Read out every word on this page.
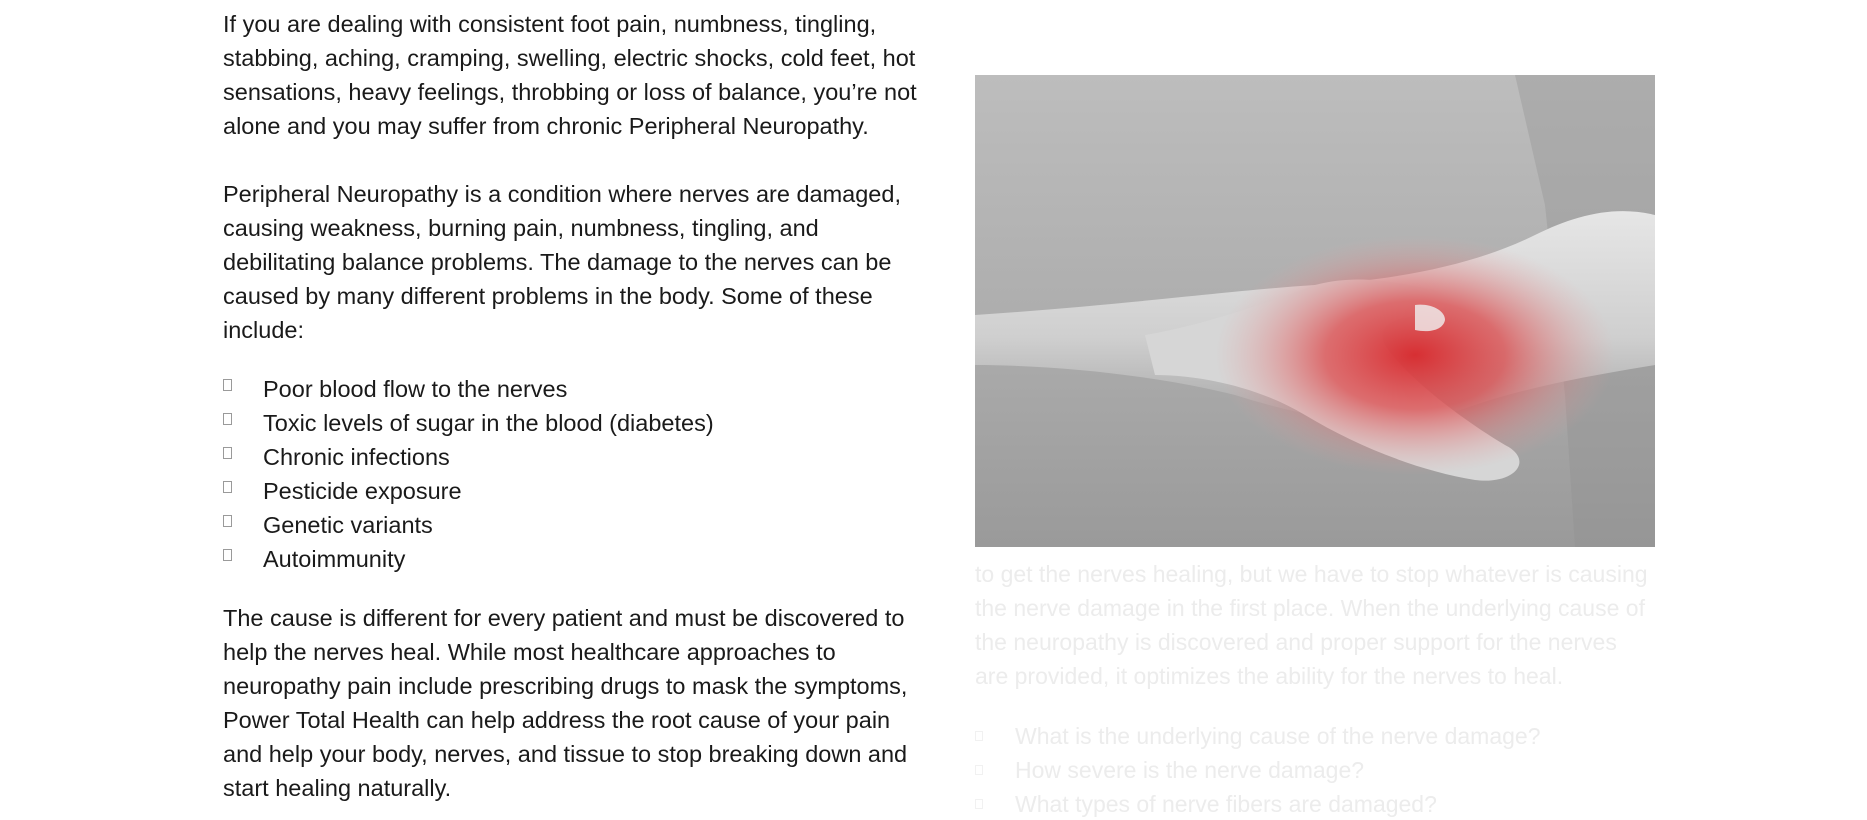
If you are dealing with consistent foot pain, numbness, tingling, stabbing, aching, cramping, swelling, electric shocks, cold feet, hot sensations, heavy feelings, throbbing or loss of balance, you’re not alone and you may suffer from chronic Peripheral Neuropathy.

Peripheral Neuropathy is a condition where nerves are damaged, causing weakness, burning pain, numbness, tingling, and debilitating balance problems. The damage to the nerves can be caused by many different problems in the body. Some of these include:

Poor blood flow to the nerves
Toxic levels of sugar in the blood (diabetes)
Chronic infections
Pesticide exposure
Genetic variants
Autoimmunity

The cause is different for every patient and must be discovered to help the nerves heal. While most healthcare approaches to neuropathy pain include prescribing drugs to mask the symptoms, Power Total Health can help address the root cause of your pain and help your body, nerves, and tissue to stop breaking down and start healing naturally.

to get the nerves healing, but we have to stop whatever is causing the nerve damage in the first place. When the underlying cause of the neuropathy is discovered and proper support for the nerves are provided, it optimizes the ability for the nerves to heal.

What is the underlying cause of the nerve damage?
How severe is the nerve damage?
What types of nerve fibers are damaged?
